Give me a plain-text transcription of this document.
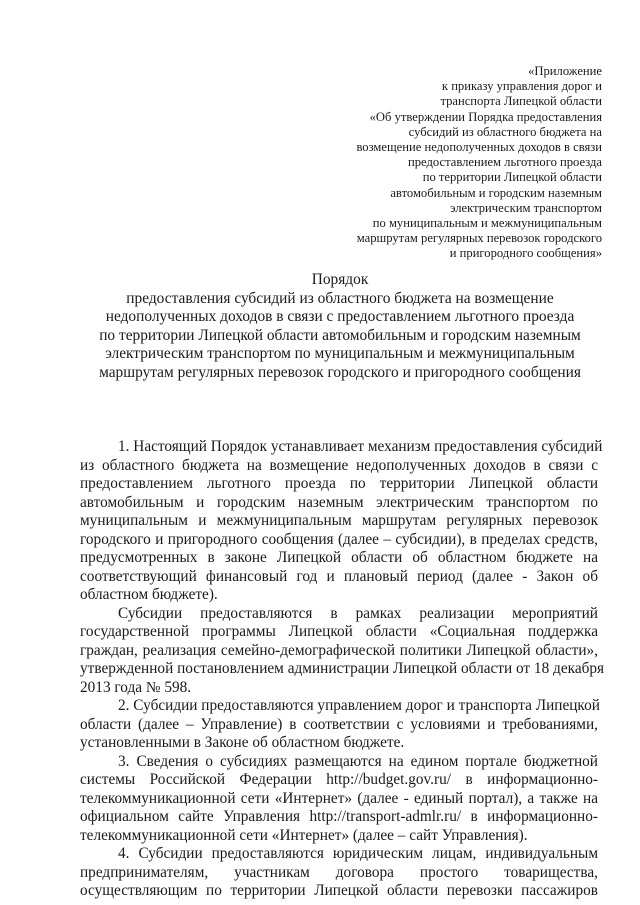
«Приложение
к приказу управления дорог и
транспорта Липецкой области
«Об утверждении Порядка предоставления
субсидий из областного бюджета на
возмещение недополученных доходов в связи
предоставлением льготного проезда
по территории Липецкой области
автомобильным и городским наземным
электрическим транспортом
по муниципальным и межмуниципальным
маршрутам регулярных перевозок городского
и пригородного сообщения»
Порядок
предоставления субсидий из областного бюджета на возмещение
недополученных доходов в связи с предоставлением льготного проезда
по территории Липецкой области автомобильным и городским наземным
электрическим транспортом по муниципальным и межмуниципальным
маршрутам регулярных перевозок городского и пригородного сообщения
1. Настоящий Порядок устанавливает механизм предоставления субсидий
из областного бюджета на возмещение недополученных доходов в связи с
предоставлением льготного проезда по территории Липецкой области
автомобильным и городским наземным электрическим транспортом по
муниципальным и межмуниципальным маршрутам регулярных перевозок
городского и пригородного сообщения (далее – субсидии), в пределах средств,
предусмотренных в законе Липецкой области об областном бюджете на
соответствующий финансовый год и плановый период (далее - Закон об
областном бюджете).
Субсидии предоставляются в рамках реализации мероприятий
государственной программы Липецкой области «Социальная поддержка
граждан, реализация семейно-демографической политики Липецкой области»,
утвержденной постановлением администрации Липецкой области от 18 декабря
2013 года № 598.
2. Субсидии предоставляются управлением дорог и транспорта Липецкой
области (далее – Управление) в соответствии с условиями и требованиями,
установленными в Законе об областном бюджете.
3. Сведения о субсидиях размещаются на едином портале бюджетной
системы Российской Федерации http://budget.gov.ru/ в информационно-
телекоммуникационной сети «Интернет» (далее - единый портал), а также на
официальном сайте Управления http://transport-admlr.ru/ в информационно-
телекоммуникационной сети «Интернет» (далее – сайт Управления).
4. Субсидии предоставляются юридическим лицам, индивидуальным
предпринимателям, участникам договора простого товарищества,
осуществляющим по территории Липецкой области перевозки пассажиров
